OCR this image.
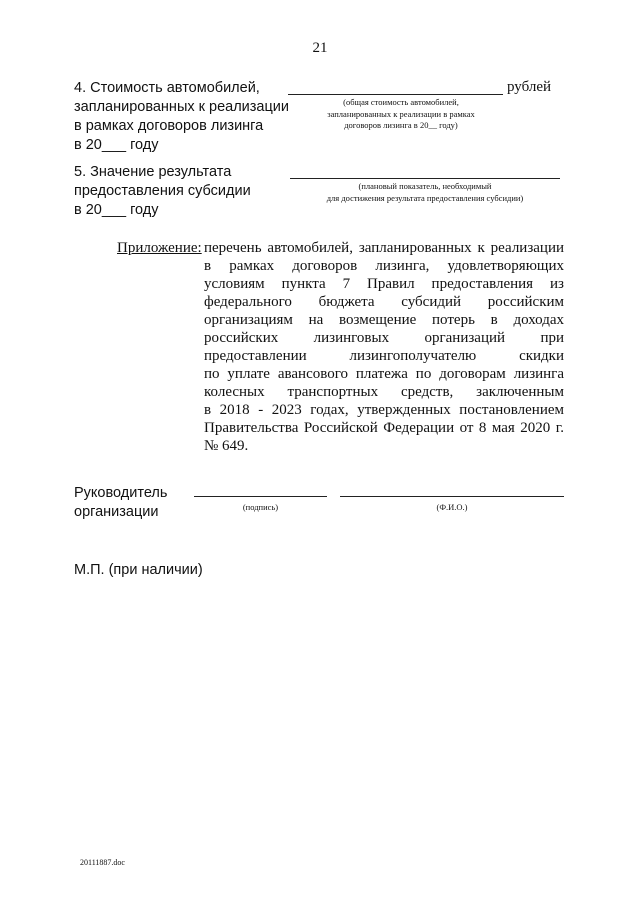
21
4. Стоимость автомобилей,
запланированных к реализации
в рамках договоров лизинга
в 20___ году
рублей
(общая стоимость автомобилей,
запланированных к реализации в рамках
договоров лизинга в 20__ году)
5. Значение результата
предоставления субсидии
в 20___ году
(плановый показатель, необходимый
для достижения результата предоставления субсидии)
Приложение: перечень автомобилей, запланированных к реализации
в рамках договоров лизинга, удовлетворяющих
условиям пункта 7 Правил предоставления из
федерального бюджета субсидий российским
организациям на возмещение потерь в доходах
российских лизинговых организаций при
предоставлении лизингополучателю скидки
по уплате авансового платежа по договорам лизинга
колесных транспортных средств, заключенным
в 2018 - 2023 годах, утвержденных постановлением
Правительства Российской Федерации от 8 мая 2020 г.
№ 649.
Руководитель
организации	(подпись)	(Ф.И.О.)
М.П. (при наличии)
20111887.doc
